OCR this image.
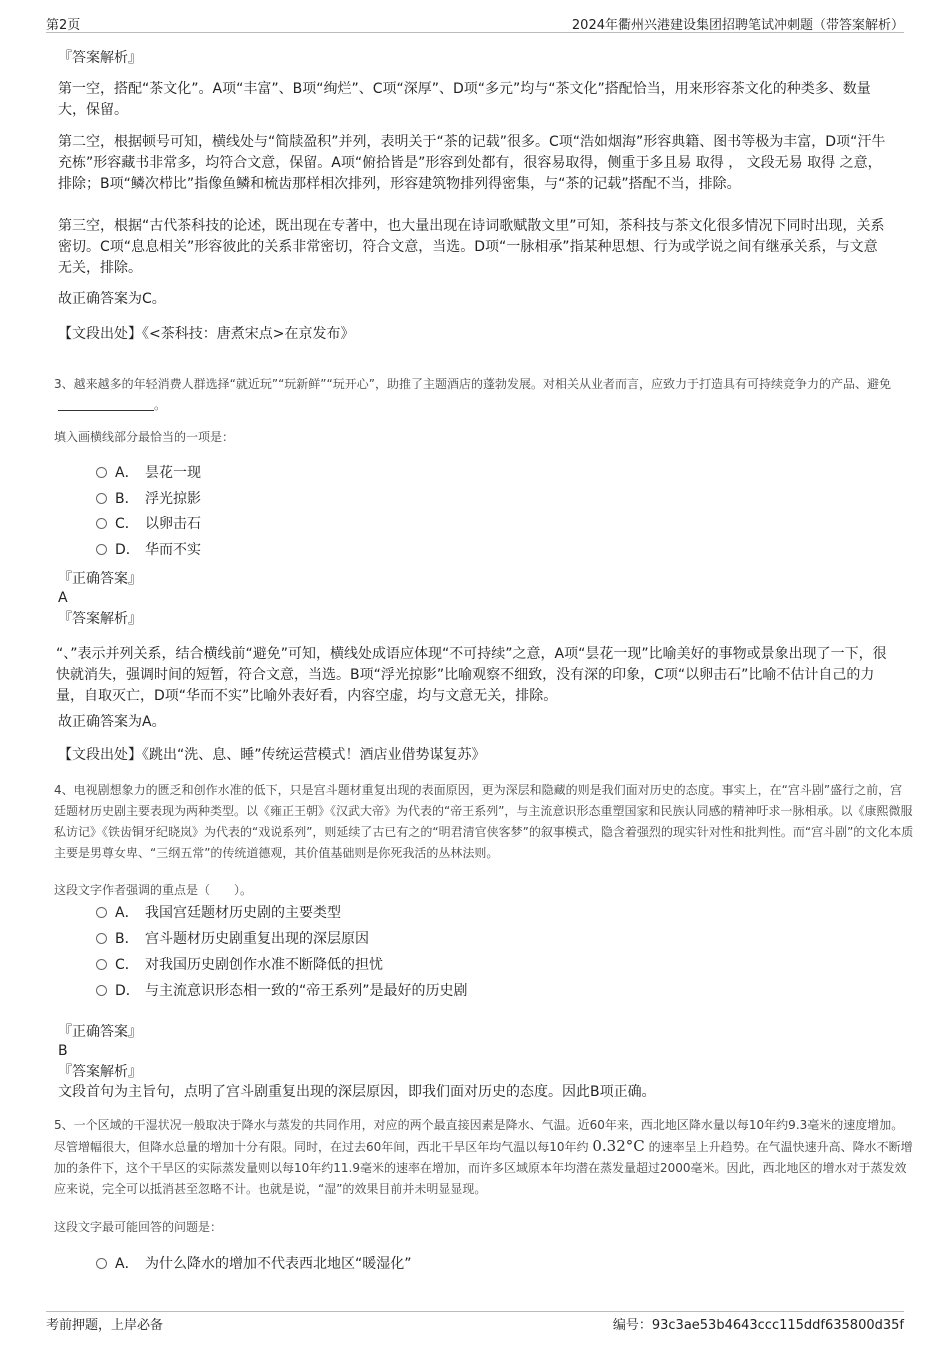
第2页	2024年衢州兴港建设集团招聘笔试冲刺题（带答案解析）
『答案解析』
第一空，搭配“茶文化”。A项“丰富”、B项“绚烂”、C项“深厚”、D项“多元”均与“茶文化”搭配恰当，用来形容茶文化的种类多、数量大，保留。
第二空，根据顿号可知，横线处与“简牍盈积”并列，表明关于“茶的记载”很多。C项“浩如烟海”形容典籍、图书等极为丰富，D项“汗牛充栋”形容藏书非常多，均符合文意，保留。A项“俯拾皆是”形容到处都有，很容易取得，侧重于多且易 取得 ， 文段无易 取得 之意，排除；B项“鳞次栉比”指像鱼鳞和梳齿那样相次排列，形容建筑物排列得密集，与“茶的记载”搭配不当，排除。
第三空，根据“古代茶科技的论述，既出现在专著中，也大量出现在诗词歌赋散文里”可知，茶科技与茶文化很多情况下同时出现，关系密切。C项“息息相关”形容彼此的关系非常密切，符合文意，当选。D项“一脉相承”指某种思想、行为或学说之间有继承关系，与文意无关，排除。
故正确答案为C。
【文段出处】《<茶科技：唐煮宋点>在京发布》
3、越来越多的年轻消费人群选择“就近玩”“玩新鲜”“玩开心”，助推了主题酒店的蓬勃发展。对相关从业者而言，应致力于打造具有可持续竞争力的产品、避免。
填入画横线部分最恰当的一项是：
A． 昙花一现
B． 浮光掠影
C． 以卵击石
D． 华而不实
『正确答案』
A
『答案解析』
“、”表示并列关系，结合横线前“避免”可知，横线处成语应体现“不可持续”之意，A项“昙花一现”比喻美好的事物或景象出现了一下，很快就消失，强调时间的短暂，符合文意，当选。B项“浮光掠影”比喻观察不细致，没有深的印象，C项“以卵击石”比喻不估计自己的力量，自取灭亡，D项“华而不实”比喻外表好看，内容空虚，均与文意无关，排除。
故正确答案为A。
【文段出处】《跳出“洗、息、睡”传统运营模式！酒店业借势谋复苏》
4、电视剧想象力的匮乏和创作水准的低下，只是宫斗题材重复出现的表面原因，更为深层和隐藏的则是我们面对历史的态度。事实上，在“宫斗剧”盛行之前，宫廷题材历史剧主要表现为两种类型。以《雍正王朝》《汉武大帝》为代表的“帝王系列”，与主流意识形态重塑国家和民族认同感的精神吁求一脉相承。以《康熙微服私访记》《铁齿铜牙纪晓岚》为代表的“戏说系列”，则延续了古已有之的“明君清官侠客梦”的叙事模式，隐含着强烈的现实针对性和批判性。而“宫斗剧”的文化本质主要是男尊女卑、“三纲五常”的传统道德观，其价值基础则是你死我活的丛林法则。
这段文字作者强调的重点是（　　）。
A． 我国宫廷题材历史剧的主要类型
B． 宫斗题材历史剧重复出现的深层原因
C． 对我国历史剧创作水准不断降低的担忧
D． 与主流意识形态相一致的“帝王系列”是最好的历史剧
『正确答案』
B
『答案解析』
文段首句为主旨句，点明了宫斗剧重复出现的深层原因，即我们面对历史的态度。因此B项正确。
5、一个区域的干湿状况一般取决于降水与蒸发的共同作用，对应的两个最直接因素是降水、气温。近60年来，西北地区降水量以每10年约9.3毫米的速度增加。尽管增幅很大，但降水总量的增加十分有限。同时，在过去60年间，西北干旱区年均气温以每10年约 0.32°C 的速率呈上升趋势。在气温快速升高、降水不断增加的条件下，这个干旱区的实际蒸发量则以每10年约11.9毫米的速率在增加，而许多区域原本年均潜在蒸发量超过2000毫米。因此，西北地区的增水对于蒸发效应来说，完全可以抵消甚至忽略不计。也就是说，“湿”的效果目前并未明显显现。
这段文字最可能回答的问题是：
A． 为什么降水的增加不代表西北地区“暖湿化”
考前押题，上岸必备	编号：93c3ae53b4643ccc115ddf635800d35f
